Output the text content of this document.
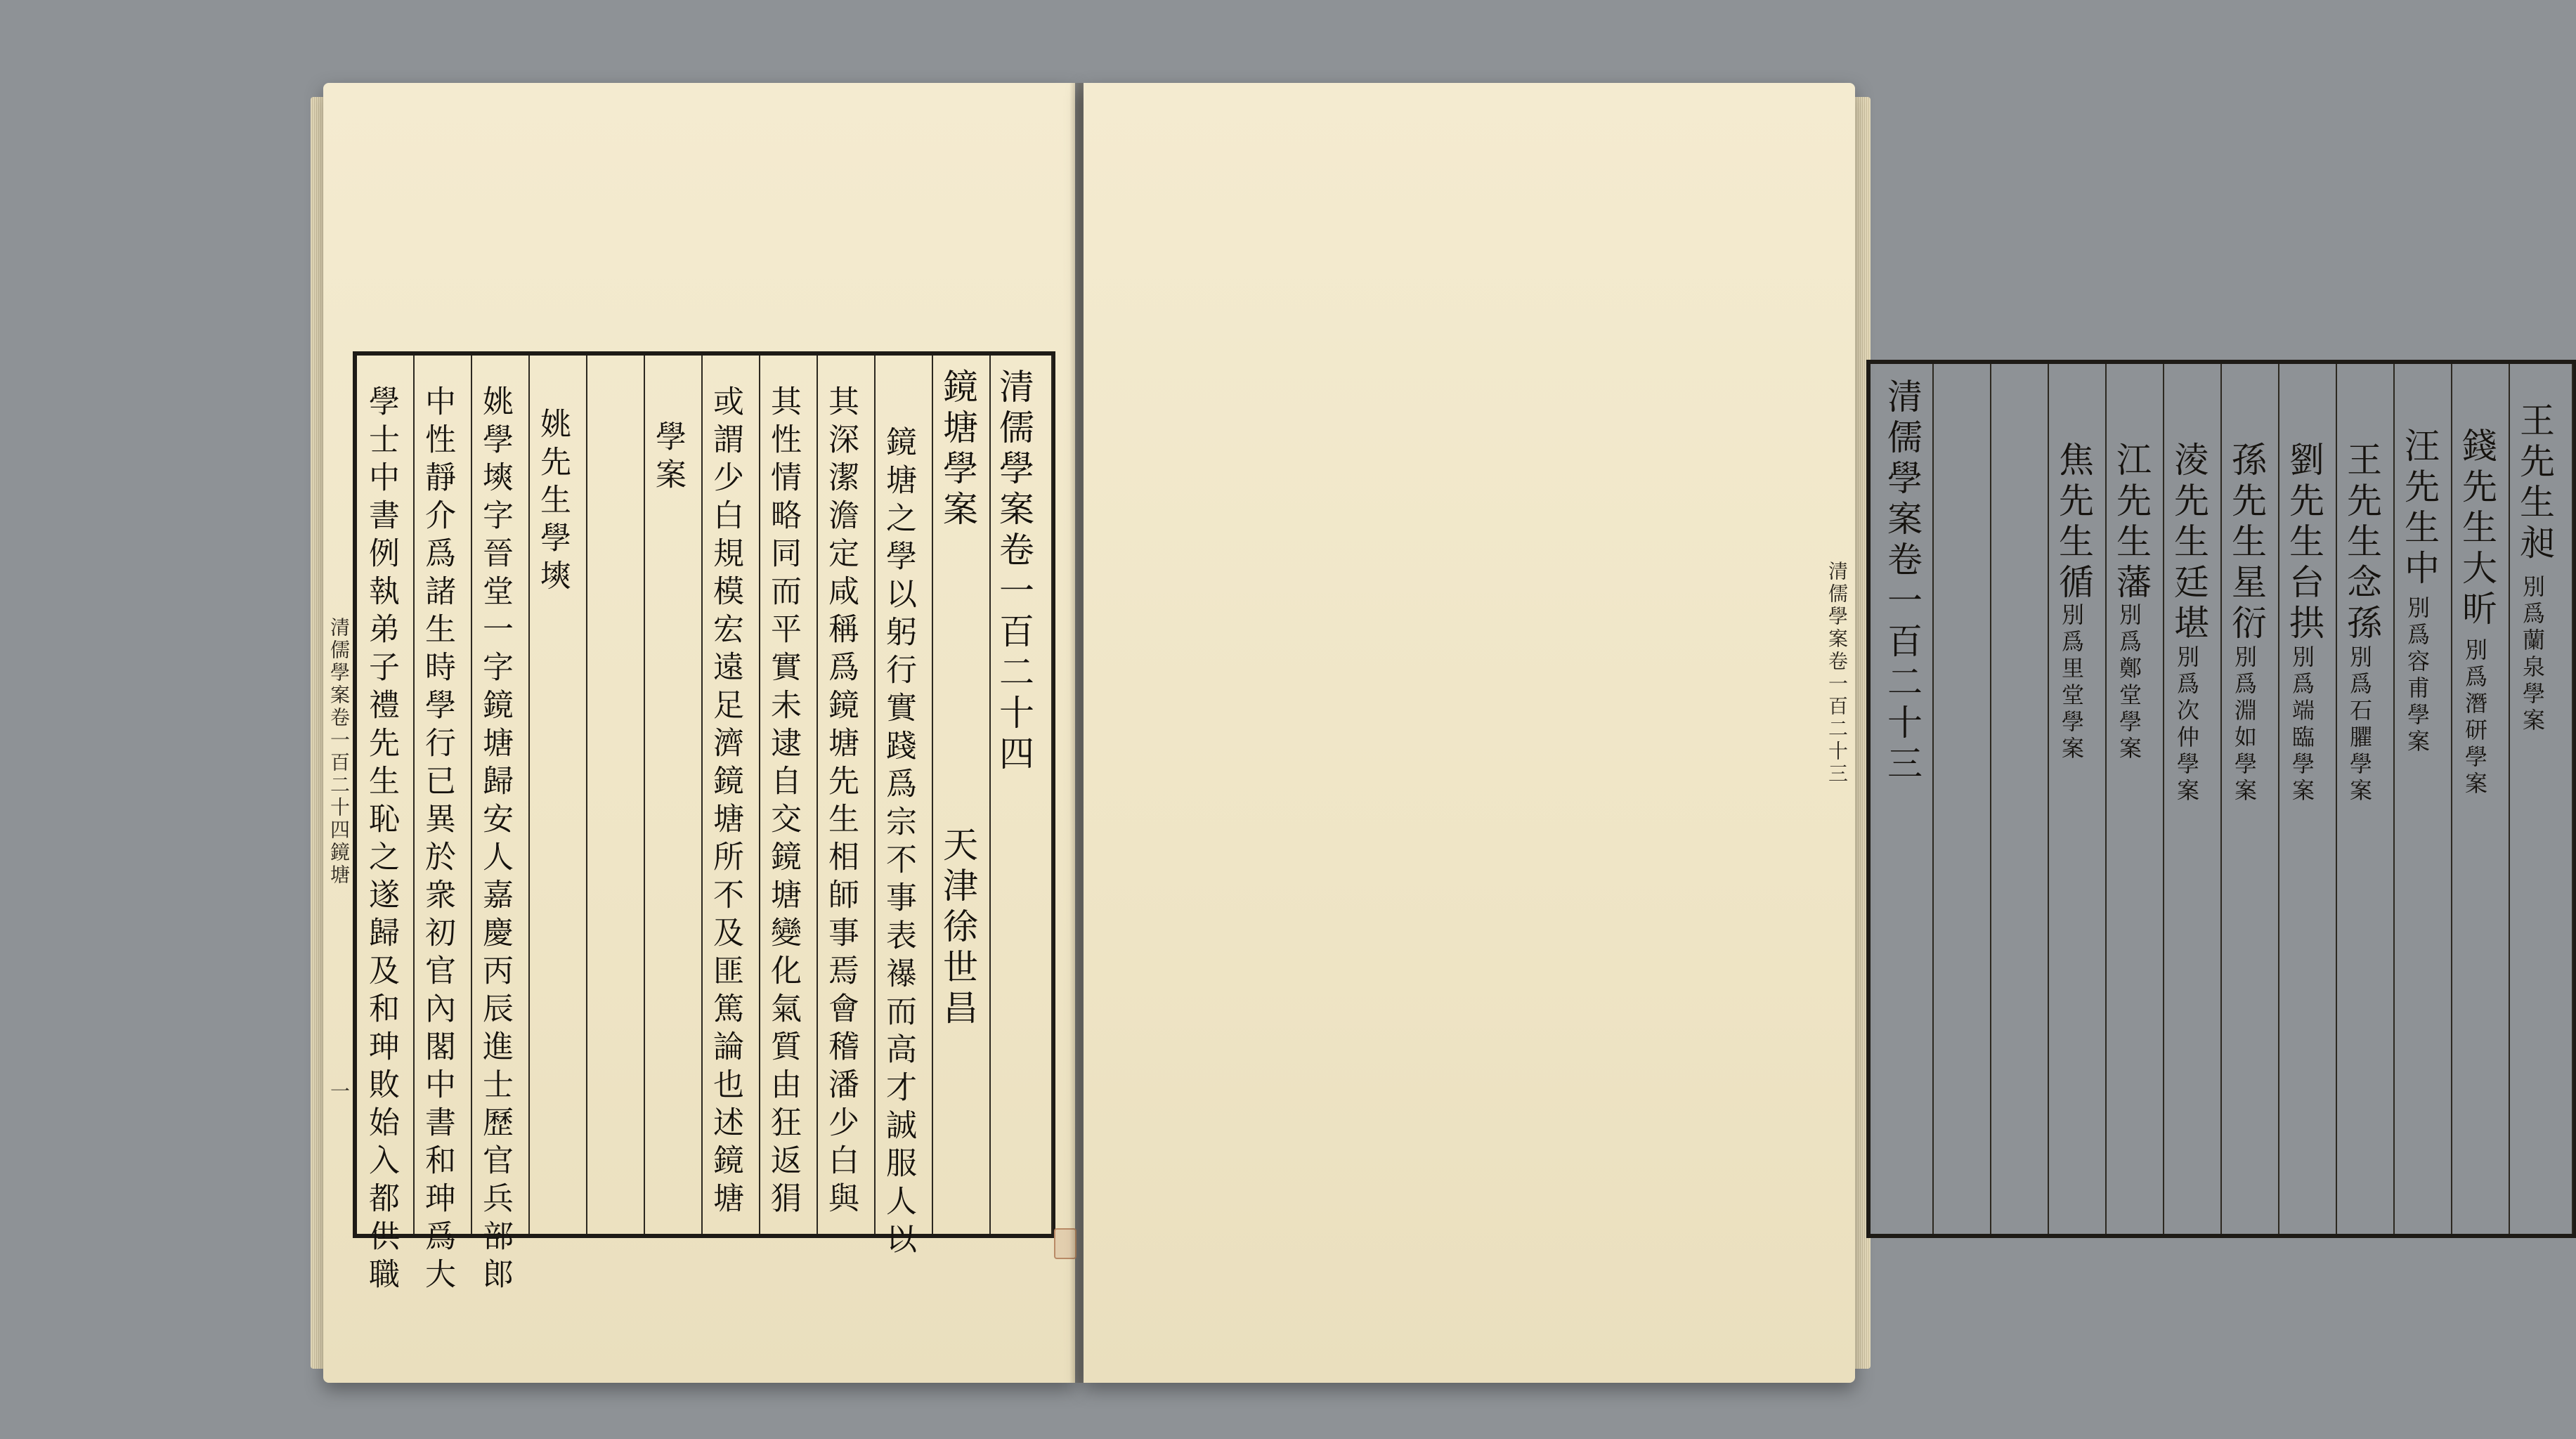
清儒學案卷一百二十四鏡塘
一
清儒學案卷一百二十四
鏡塘學案
天津徐世昌
鏡塘之學以躬行實踐爲宗不事表襮而高才誠服人以
其深潔澹定咸稱爲鏡塘先生相師事焉會稽潘少白與
其性情略同而平實未逮自交鏡塘變化氣質由狂返狷
或謂少白規模宏遠足濟鏡塘所不及匪篤論也述鏡塘
學案
姚先生學塽
姚學塽字晉堂一字鏡塘歸安人嘉慶丙辰進士歷官兵部郎
中性靜介爲諸生時學行已異於衆初官內閣中書和珅爲大
學士中書例執弟子禮先生恥之遂歸及和珅敗始入都供職	清儒學案卷一百二十三
王先生昶
別爲蘭泉學案
錢先生大昕
別爲潛研學案
汪先生中
別爲容甫學案
王先生念孫
別爲石臞學案
劉先生台拱
別爲端臨學案
孫先生星衍
別爲淵如學案
淩先生廷堪
別爲次仲學案
江先生藩
別爲鄭堂學案
焦先生循
別爲里堂學案
清儒學案卷一百二十三
